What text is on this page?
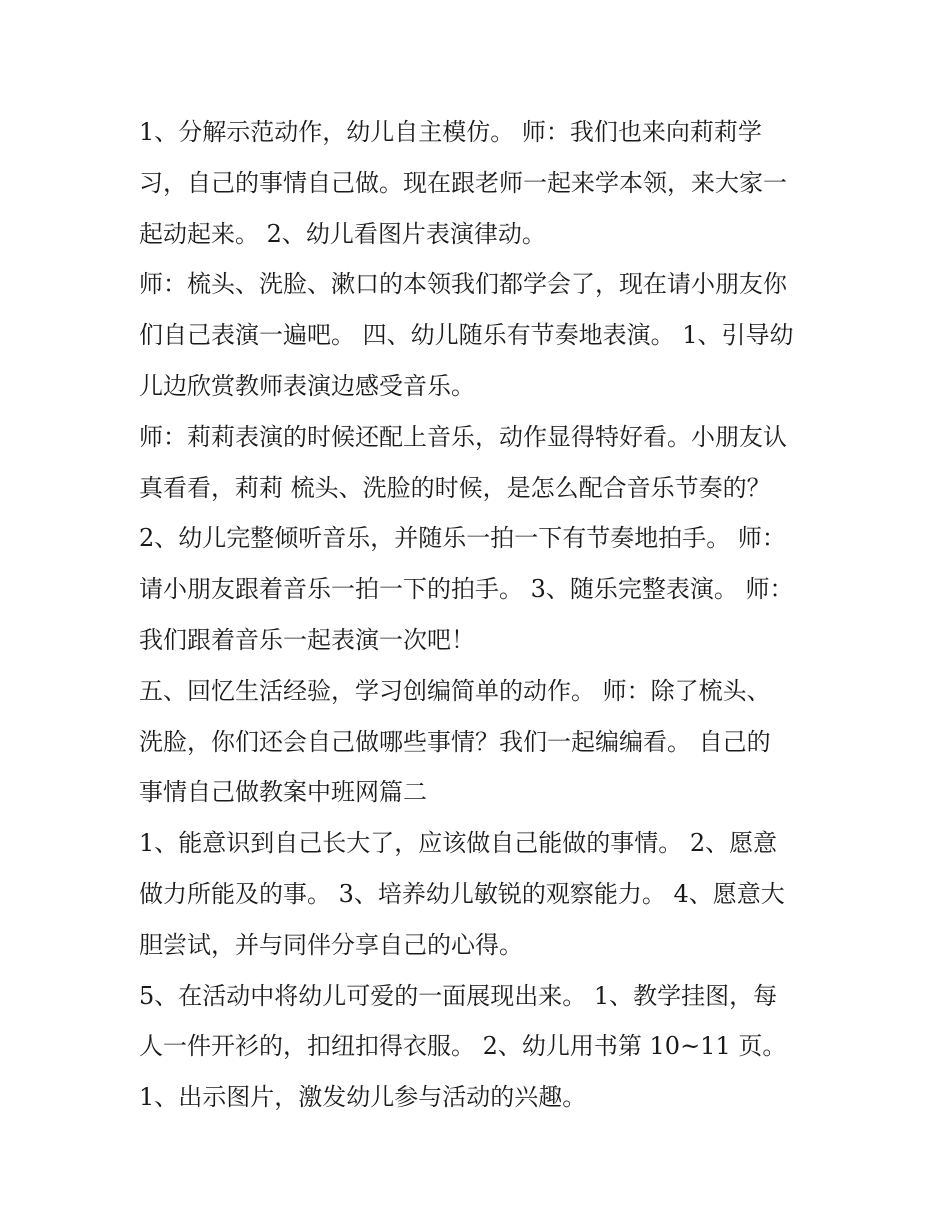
1、分解示范动作，幼儿自主模仿。 师：我们也来向莉莉学
习，自己的事情自己做。现在跟老师一起来学本领，来大家一
起动起来。 2、幼儿看图片表演律动。

师：梳头、洗脸、漱口的本领我们都学会了，现在请小朋友你
们自己表演一遍吧。 四、幼儿随乐有节奏地表演。 1、引导幼
儿边欣赏教师表演边感受音乐。

师：莉莉表演的时候还配上音乐，动作显得特好看。小朋友认
真看看，莉莉 梳头、洗脸的时候，是怎么配合音乐节奏的？

2、幼儿完整倾听音乐，并随乐一拍一下有节奏地拍手。 师：
请小朋友跟着音乐一拍一下的拍手。 3、随乐完整表演。 师：
我们跟着音乐一起表演一次吧！

五、回忆生活经验，学习创编简单的动作。 师：除了梳头、
洗脸，你们还会自己做哪些事情？我们一起编编看。 自己的
事情自己做教案中班网篇二

1、能意识到自己长大了，应该做自己能做的事情。 2、愿意
做力所能及的事。 3、培养幼儿敏锐的观察能力。 4、愿意大
胆尝试，并与同伴分享自己的心得。

5、在活动中将幼儿可爱的一面展现出来。 1、教学挂图，每
人一件开衫的，扣纽扣得衣服。 2、幼儿用书第 10~11 页。

1、出示图片，激发幼儿参与活动的兴趣。
